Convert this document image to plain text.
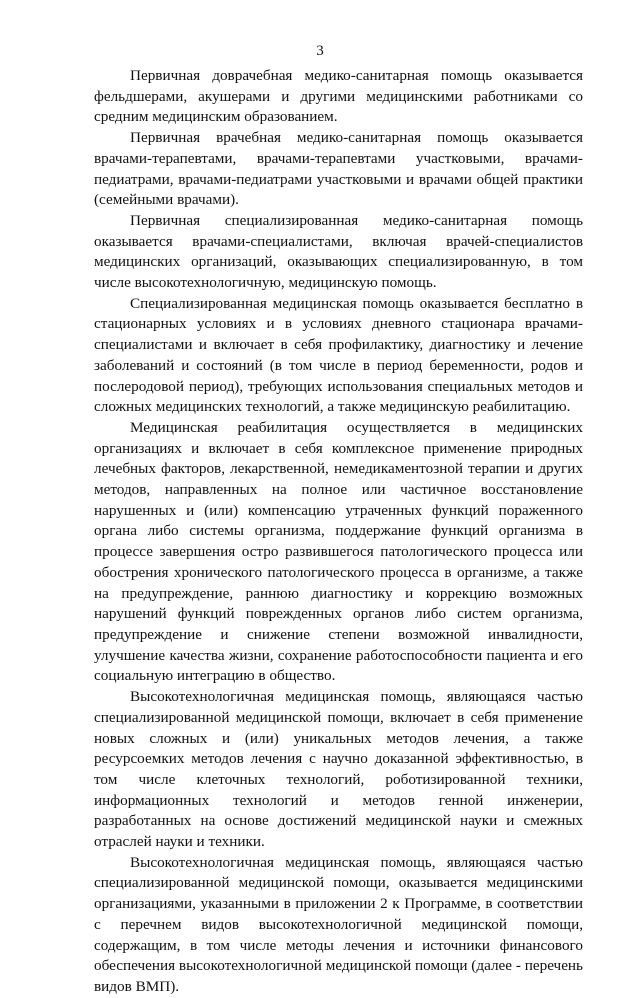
3

Первичная доврачебная медико-санитарная помощь оказывается фельдшерами, акушерами и другими медицинскими работниками со средним медицинским образованием.

Первичная врачебная медико-санитарная помощь оказывается врачами-терапевтами, врачами-терапевтами участковыми, врачами-педиатрами, врачами-педиатрами участковыми и врачами общей практики (семейными врачами).

Первичная специализированная медико-санитарная помощь оказывается врачами-специалистами, включая врачей-специалистов медицинских организаций, оказывающих специализированную, в том числе высокотехнологичную, медицинскую помощь.

Специализированная медицинская помощь оказывается бесплатно в стационарных условиях и в условиях дневного стационара врачами-специалистами и включает в себя профилактику, диагностику и лечение заболеваний и состояний (в том числе в период беременности, родов и послеродовой период), требующих использования специальных методов и сложных медицинских технологий, а также медицинскую реабилитацию.

Медицинская реабилитация осуществляется в медицинских организациях и включает в себя комплексное применение природных лечебных факторов, лекарственной, немедикаментозной терапии и других методов, направленных на полное или частичное восстановление нарушенных и (или) компенсацию утраченных функций пораженного органа либо системы организма, поддержание функций организма в процессе завершения остро развившегося патологического процесса или обострения хронического патологического процесса в организме, а также на предупреждение, раннюю диагностику и коррекцию возможных нарушений функций поврежденных органов либо систем организма, предупреждение и снижение степени возможной инвалидности, улучшение качества жизни, сохранение работоспособности пациента и его социальную интеграцию в общество.

Высокотехнологичная медицинская помощь, являющаяся частью специализированной медицинской помощи, включает в себя применение новых сложных и (или) уникальных методов лечения, а также ресурсоемких методов лечения с научно доказанной эффективностью, в том числе клеточных технологий, роботизированной техники, информационных технологий и методов генной инженерии, разработанных на основе достижений медицинской науки и смежных отраслей науки и техники.

Высокотехнологичная медицинская помощь, являющаяся частью специализированной медицинской помощи, оказывается медицинскими организациями, указанными в приложении 2 к Программе, в соответствии с перечнем видов высокотехнологичной медицинской помощи, содержащим, в том числе методы лечения и источники финансового обеспечения высокотехнологичной медицинской помощи (далее - перечень видов ВМП).
